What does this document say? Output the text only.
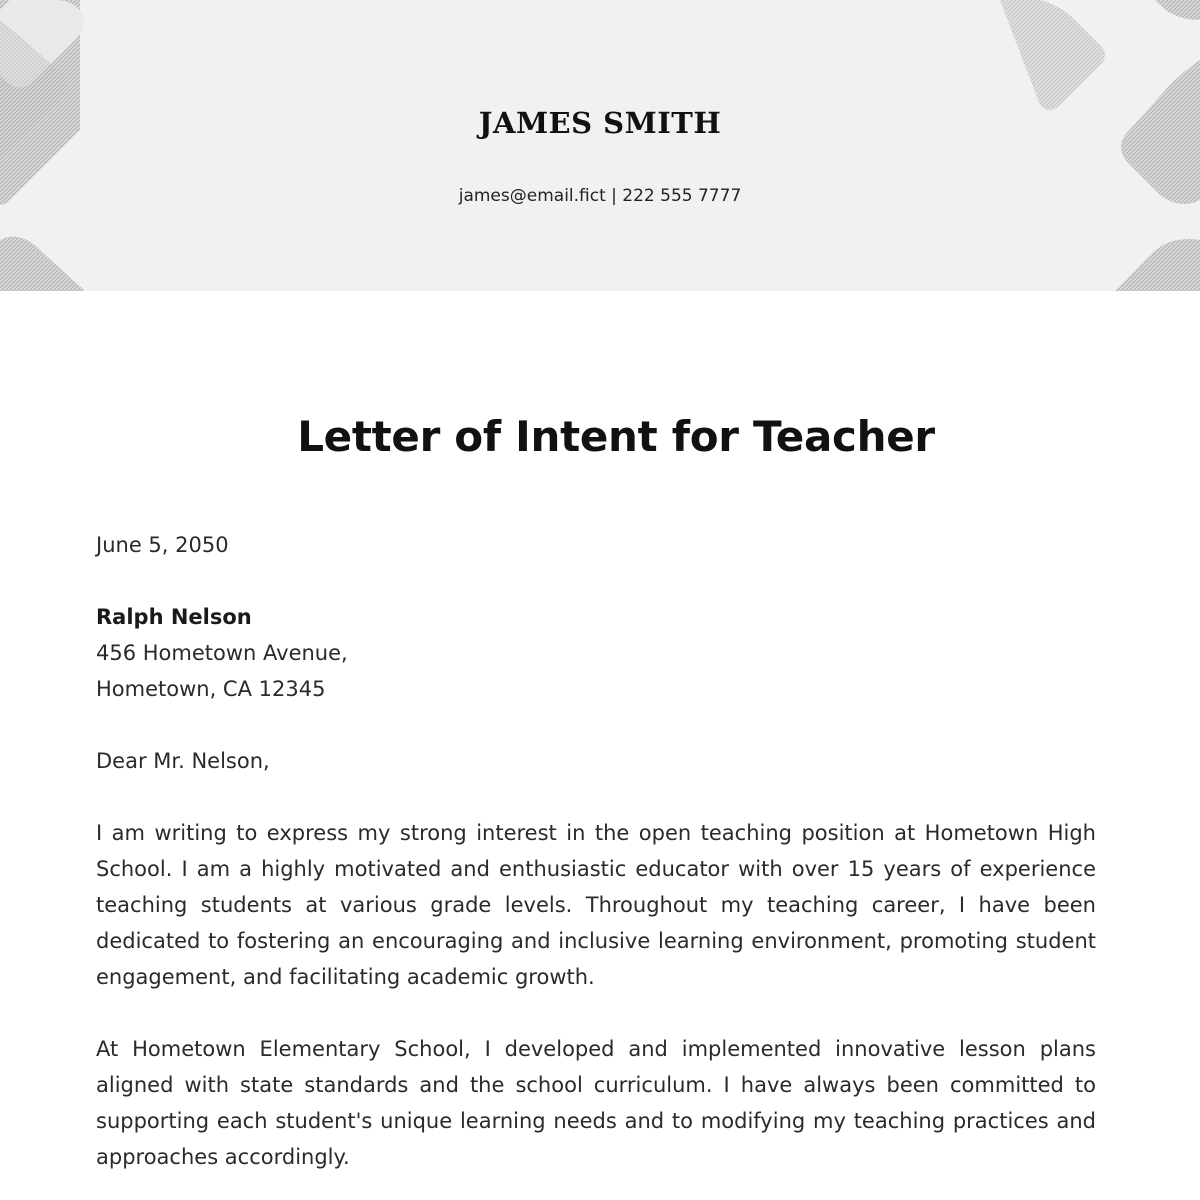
JAMES SMITH
james@email.fict | 222 555 7777
Letter of Intent for Teacher
June 5, 2050
Ralph Nelson
456 Hometown Avenue,
Hometown, CA 12345
Dear Mr. Nelson,
I am writing to express my strong interest in the open teaching position at Hometown High School. I am a highly motivated and enthusiastic educator with over 15 years of experience teaching students at various grade levels. Throughout my teaching career, I have been dedicated to fostering an encouraging and inclusive learning environment, promoting student engagement, and facilitating academic growth.
At Hometown Elementary School, I developed and implemented innovative lesson plans aligned with state standards and the school curriculum. I have always been committed to supporting each student's unique learning needs and to modifying my teaching practices and approaches accordingly.
